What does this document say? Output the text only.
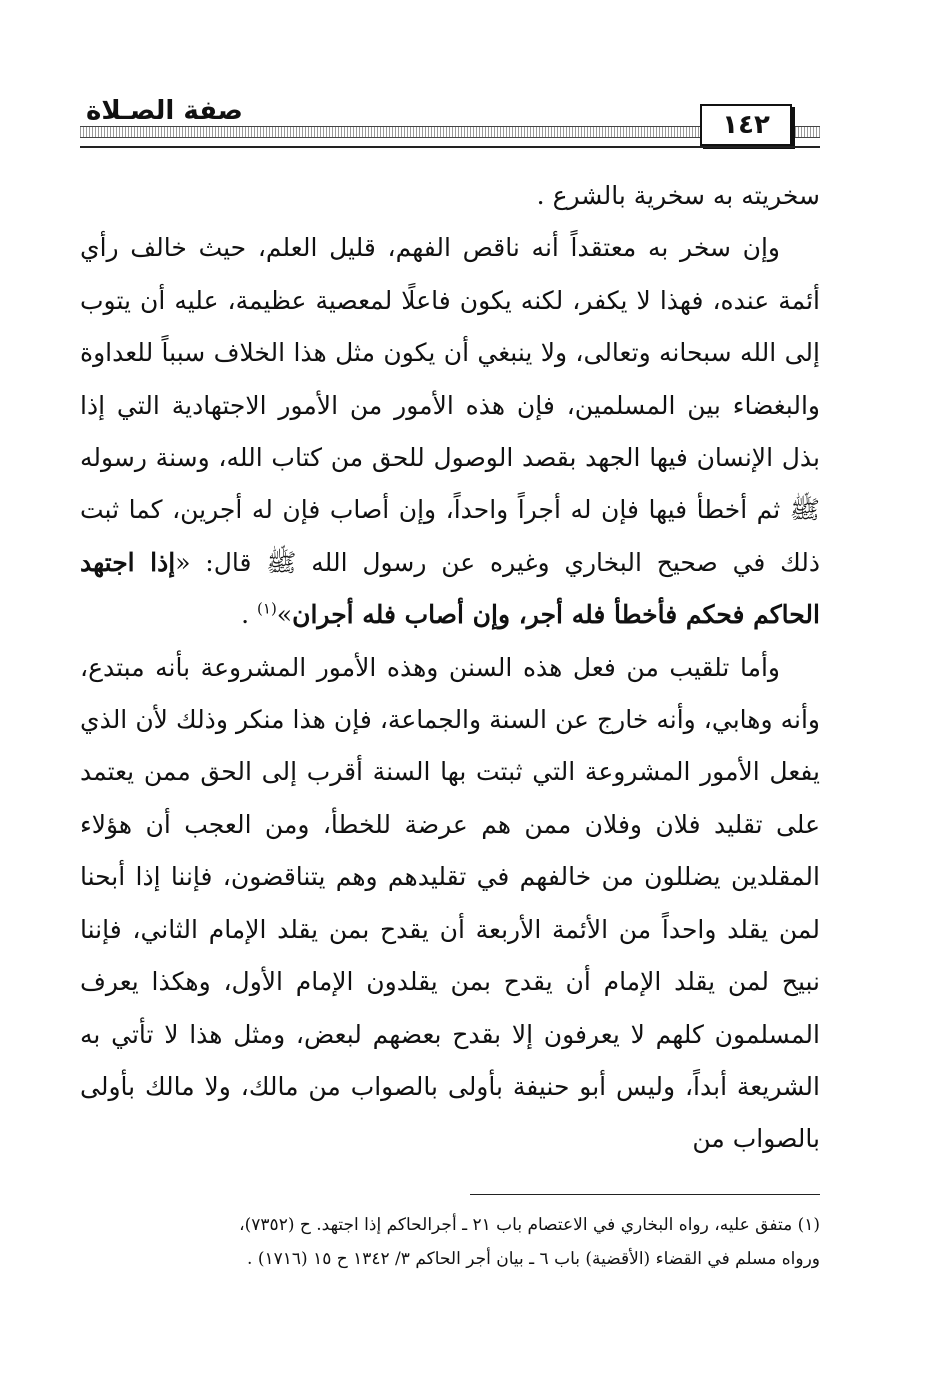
صفة الصـلاة	١٤٢

سخريته به سخرية بالشرع .

وإن سخر به معتقداً أنه ناقص الفهم، قليل العلم، حيث خالف رأي أئمة عنده، فهذا لا يكفر، لكنه يكون فاعلًا لمعصية عظيمة، عليه أن يتوب إلى الله سبحانه وتعالى، ولا ينبغي أن يكون مثل هذا الخلاف سبباً للعداوة والبغضاء بين المسلمين، فإن هذه الأمور من الأمور الاجتهادية التي إذا بذل الإنسان فيها الجهد بقصد الوصول للحق من كتاب الله، وسنة رسوله ﷺ ثم أخطأ فيها فإن له أجراً واحداً، وإن أصاب فإن له أجرين، كما ثبت ذلك في صحيح البخاري وغيره عن رسول الله ﷺ قال: «إذا اجتهد الحاكم فحكم فأخطأ فله أجر، وإن أصاب فله أجران»$^{(١)}$ .

وأما تلقيب من فعل هذه السنن وهذه الأمور المشروعة بأنه مبتدع، وأنه وهابي، وأنه خارج عن السنة والجماعة، فإن هذا منكر وذلك لأن الذي يفعل الأمور المشروعة التي ثبتت بها السنة أقرب إلى الحق ممن يعتمد على تقليد فلان وفلان ممن هم عرضة للخطأ، ومن العجب أن هؤلاء المقلدين يضللون من خالفهم في تقليدهم وهم يتناقضون، فإننا إذا أبحنا لمن يقلد واحداً من الأئمة الأربعة أن يقدح بمن يقلد الإمام الثاني، فإننا نبيح لمن يقلد الإمام أن يقدح بمن يقلدون الإمام الأول، وهكذا يعرف المسلمون كلهم لا يعرفون إلا بقدح بعضهم لبعض، ومثل هذا لا تأتي به الشريعة أبداً، وليس أبو حنيفة بأولى بالصواب من مالك، ولا مالك بأولى بالصواب من

(١) متفق عليه، رواه البخاري في الاعتصام باب ٢١ ـ أجرالحاكم إذا اجتهد. ح (٧٣٥٢)،

ورواه مسلم في القضاء (الأقضية) باب ٦ ـ بيان أجر الحاكم ٣/ ١٣٤٢ ح ١٥ (١٧١٦) .
